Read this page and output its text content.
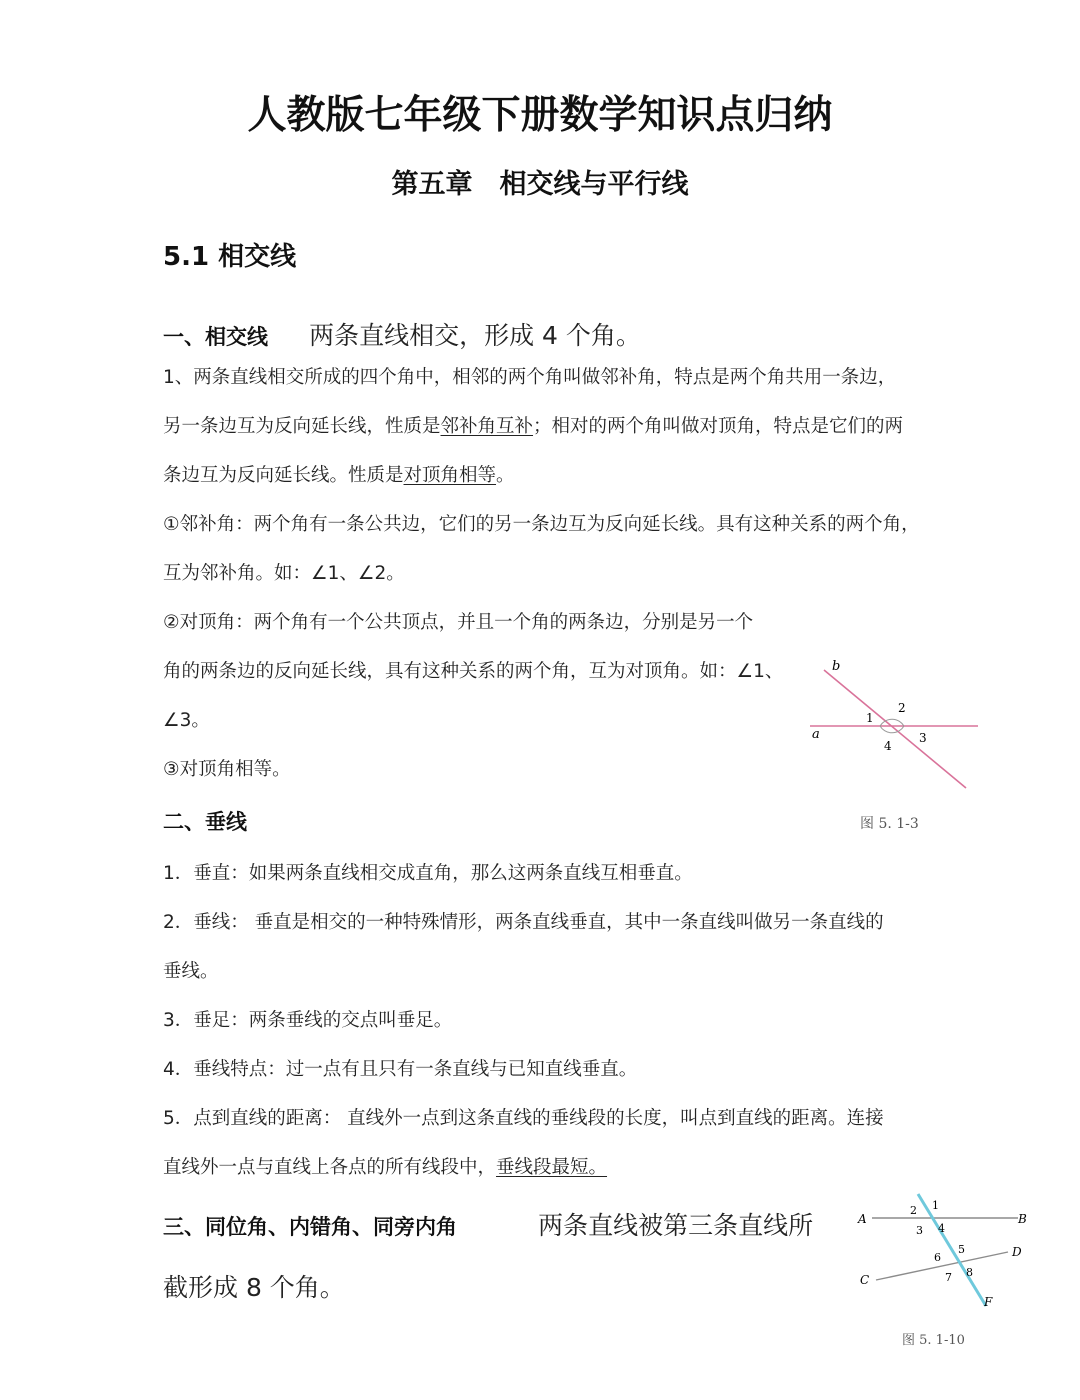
人教版七年级下册数学知识点归纳
第五章　相交线与平行线
5.1 相交线
一、相交线 两条直线相交，形成 4 个角。
1、两条直线相交所成的四个角中，相邻的两个角叫做邻补角，特点是两个角共用一条边，
另一条边互为反向延长线，性质是邻补角互补；相对的两个角叫做对顶角，特点是它们的两
条边互为反向延长线。性质是对顶角相等。
①邻补角：两个角有一条公共边，它们的另一条边互为反向延长线。具有这种关系的两个角，
互为邻补角。如：∠1、∠2。
②对顶角：两个角有一个公共顶点，并且一个角的两条边，分别是另一个
角的两条边的反向延长线，具有这种关系的两个角，互为对顶角。如：∠1、
∠3。
③对顶角相等。
a
b
1
2
3
4
图 5. 1-3
二、垂线
1．垂直：如果两条直线相交成直角，那么这两条直线互相垂直。
2．垂线： 垂直是相交的一种特殊情形，两条直线垂直，其中一条直线叫做另一条直线的
垂线。
3．垂足：两条垂线的交点叫垂足。
4．垂线特点：过一点有且只有一条直线与已知直线垂直。
5．点到直线的距离： 直线外一点到这条直线的垂线段的长度，叫点到直线的距离。连接
直线外一点与直线上各点的所有线段中，垂线段最短。
三、同位角、内错角、同旁内角	两条直线被第三条直线所
截形成 8 个角。
A	B
C
D
F
1
2
3 4
5
6
7 8
图 5. 1-10
